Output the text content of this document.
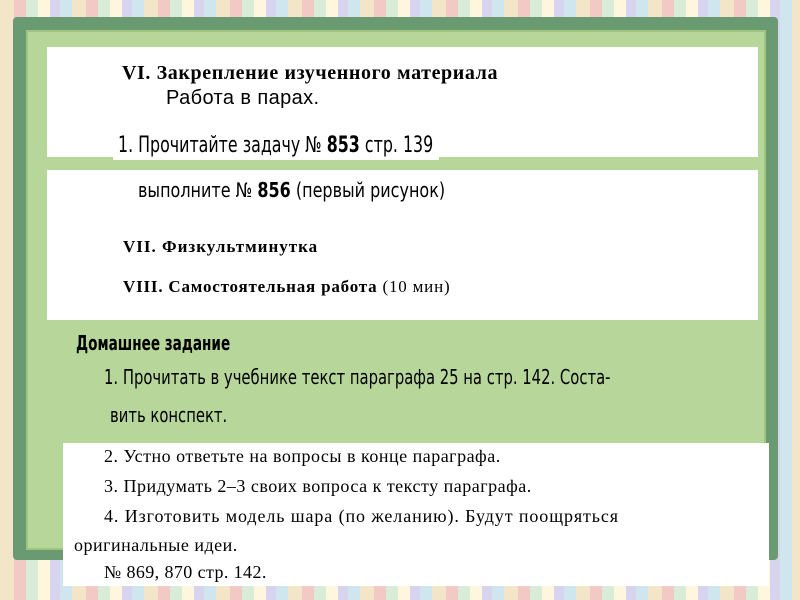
VI. Закрепление изученного материала
Работа в парах.
1. Прочитайте задачу № 853 стр. 139
выполните № 856 (первый рисунок)
VII. Физкультминутка
VIII. Самостоятельная работа (10 мин)
Домашнее задание
1. Прочитать в учебнике текст параграфа 25 на стр. 142. Соста-
вить конспект.
2. Устно ответьте на вопросы в конце параграфа.
3. Придумать 2–3 своих вопроса к тексту параграфа.
4. Изготовить модель шара (по желанию). Будут поощряться
оригинальные идеи.
№ 869, 870 стр. 142.
